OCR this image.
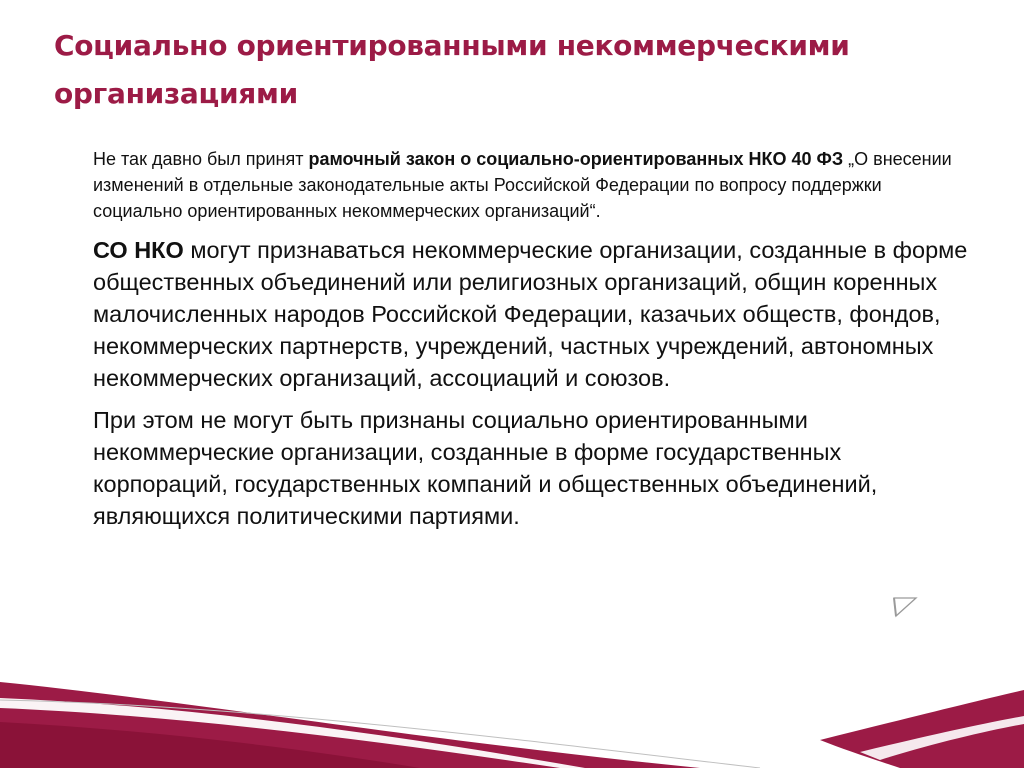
Социально ориентированными некоммерческими организациями

Не так давно был принят рамочный закон о социально-ориентированных НКО 40 ФЗ „О внесении изменений в отдельные законодательные акты Российской Федерации по вопросу поддержки социально ориентированных некоммерческих организаций“.

СО НКО могут признаваться некоммерческие организации, созданные в форме общественных объединений или религиозных организаций, общин коренных малочисленных народов Российской Федерации, казачьих обществ, фондов, некоммерческих партнерств, учреждений, частных учреждений, автономных некоммерческих организаций, ассоциаций и союзов.

При этом не могут быть признаны социально ориентированными некоммерческие организации, созданные в форме государственных корпораций, государственных компаний и общественных объединений, являющихся политическими партиями.
